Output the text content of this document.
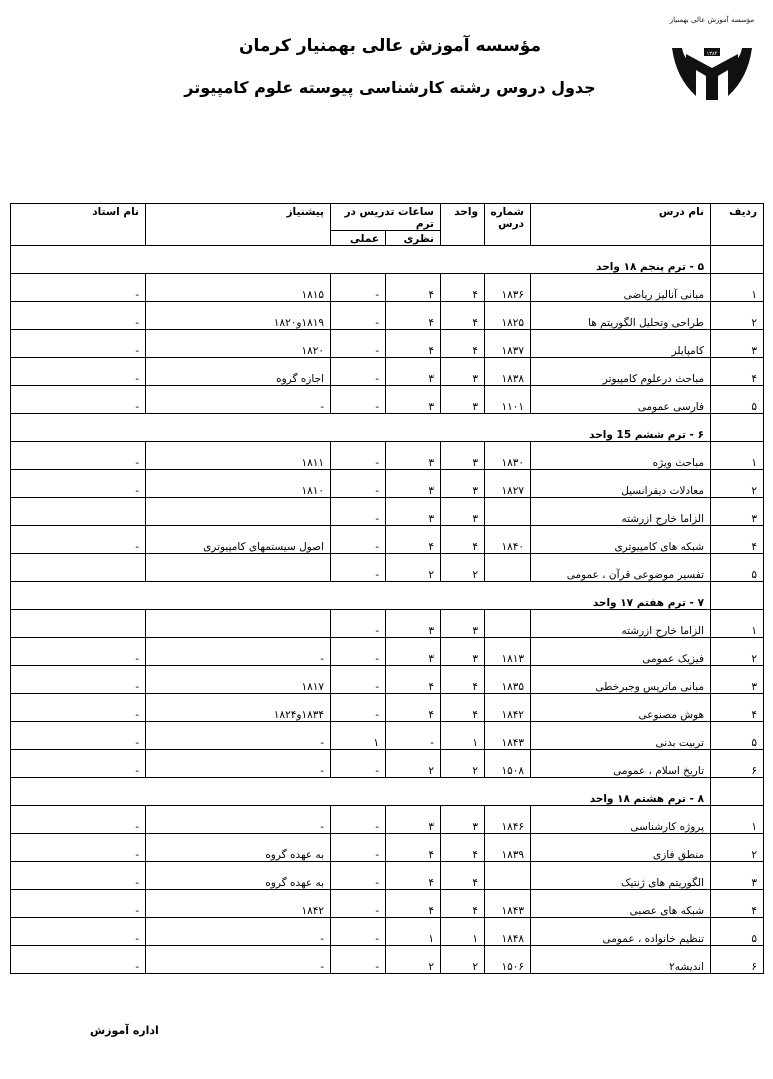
مؤسسه آموزش عالی بهمنیار
۱۳۸۴
مؤسسه آموزش عالی بهمنیار کرمان
جدول دروس رشته کارشناسی پیوسته علوم کامپیوتر
ردیف	نام درس	شماره درس	واحد	ساعات تدریس در ترم		پیشنیاز	نام استاد
				نظری	عملی		
	۵ - ترم پنجم ۱۸ واحد						
۱	مبانی آنالیز ریاضی	۱۸۳۶	۴	۴	-	۱۸۱۵	-
۲	طراحی وتحلیل الگوریتم ها	۱۸۲۵	۴	۴	-	۱۸۱۹و۱۸۲۰	-
۳	کامپایلر	۱۸۳۷	۴	۴	-	۱۸۲۰	-
۴	مباحث درعلوم کامپیوتر	۱۸۳۸	۳	۳	-	اجازه گروه	-
۵	فارسی عمومی	۱۱۰۱	۳	۳	-	-	-
	۶ - ترم ششم 15 واحد						
۱	مباحث ویژه	۱۸۳۰	۳	۳	-	۱۸۱۱	-
۲	معادلات دیفرانسیل	۱۸۲۷	۳	۳	-	۱۸۱۰	-
۳	الزاما خارج ازرشته		۳	۳	-		
۴	شبکه های کامپیوتری	۱۸۴۰	۴	۴	-	اصول سیستمهای کامپیوتری	-
۵	تفسیر موضوعی قرآن ، عمومی		۲	۲	-		
	۷ - ترم هفتم ۱۷ واحد						
۱	الزاما خارج ازرشته		۳	۳	-		
۲	فیزیک عمومی	۱۸۱۳	۳	۳	-	-	-
۳	مبانی ماتریس وجبرخطی	۱۸۳۵	۴	۴	-	۱۸۱۷	-
۴	هوش مصنوعی	۱۸۴۲	۴	۴	-	۱۸۳۴و۱۸۲۴	-
۵	تربیت بدنی	۱۸۴۳	۱	-	۱	-	-
۶	تاریخ اسلام ، عمومی	۱۵۰۸	۲	۲	-	-	-
	۸ - ترم هشتم ۱۸ واحد						
۱	پروژه کارشناسی	۱۸۴۶	۳	۳	-	-	-
۲	منطق فازی	۱۸۳۹	۴	۴	-	به عهده گروه	-
۳	الگوریتم های ژنتیک		۴	۴	-	به عهده گروه	-
۴	شبکه های عصبی	۱۸۴۳	۴	۴	-	۱۸۴۲	-
۵	تنظیم خانواده ، عمومی	۱۸۴۸	۱	۱	-	-	-
۶	اندیشه۲	۱۵۰۶	۲	۲	-	-	-
اداره آموزش
